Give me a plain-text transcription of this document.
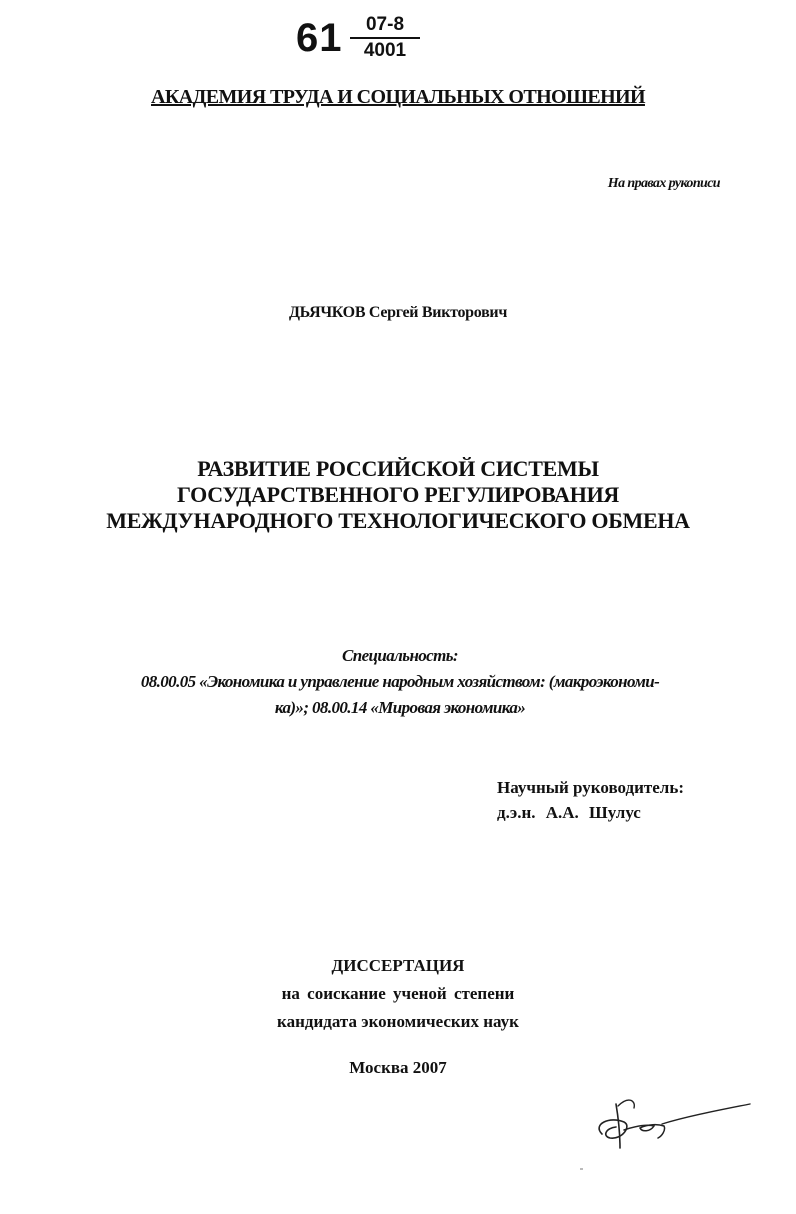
$61 \frac{07-8}{4001}$
АКАДЕМИЯ ТРУДА И СОЦИАЛЬНЫХ ОТНОШЕНИЙ
На правах рукописи
ДЬЯЧКОВ Сергей Викторович
РАЗВИТИЕ РОССИЙСКОЙ СИСТЕМЫ
ГОСУДАРСТВЕННОГО РЕГУЛИРОВАНИЯ
МЕЖДУНАРОДНОГО ТЕХНОЛОГИЧЕСКОГО ОБМЕНА
Специальность:
08.00.05 «Экономика и управление народным хозяйством: (макроэкономи-
ка)»; 08.00.14 «Мировая экономика»
Научный руководитель:
д.э.н. А.А. Шулус
ДИССЕРТАЦИЯ
на соискание ученой степени
кандидата экономических наук
Москва 2007
